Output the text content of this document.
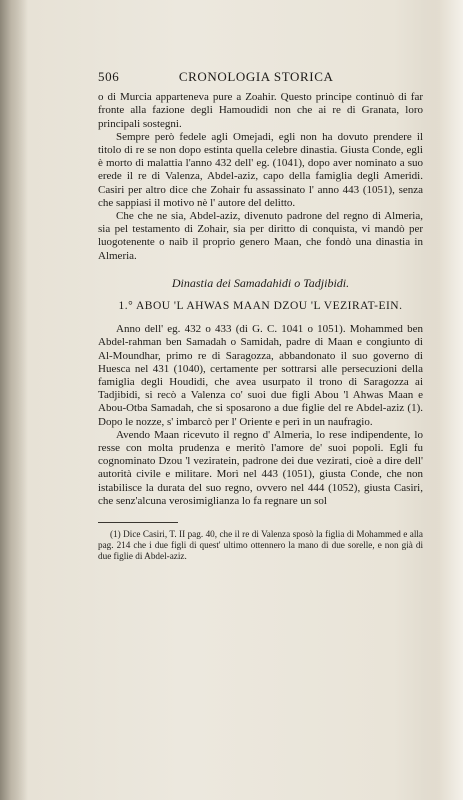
506	CRONOLOGIA STORICA

o di Murcia apparteneva pure a Zoahir. Questo principe continuò di far fronte alla fazione degli Hamoudidi non che ai re di Granata, loro principali sostegni.

Sempre però fedele agli Omejadi, egli non ha dovuto prendere il titolo di re se non dopo estinta quella celebre dinastia. Giusta Conde, egli è morto di malattia l'anno 432 dell' eg. (1041), dopo aver nominato a suo erede il re di Valenza, Abdel-aziz, capo della famiglia degli Ameridi. Casiri per altro dice che Zohair fu assassinato l' anno 443 (1051), senza che sappiasi il motivo nè l' autore del delitto.

Che che ne sia, Abdel-aziz, divenuto padrone del regno di Almeria, sia pel testamento di Zohair, sia per diritto di conquista, vi mandò per luogotenente o naib il proprio genero Maan, che fondò una dinastia in Almeria.

Dinastia dei Samadahidi o Tadjibidi.
1.° ABOU 'L AHWAS MAAN DZOU 'L VEZIRAT-EIN.

Anno dell' eg. 432 o 433 (di G. C. 1041 o 1051). Mohammed ben Abdel-rahman ben Samadah o Samidah, padre di Maan e congiunto di Al-Moundhar, primo re di Saragozza, abbandonato il suo governo di Huesca nel 431 (1040), certamente per sottrarsi alle persecuzioni della famiglia degli Houdidi, che avea usurpato il trono di Saragozza ai Tadjibidi, si recò a Valenza co' suoi due figli Abou 'l Ahwas Maan e Abou-Otba Samadah, che si sposarono a due figlie del re Abdel-aziz (1). Dopo le nozze, s' imbarcò per l' Oriente e perì in un naufragio.

Avendo Maan ricevuto il regno d' Almeria, lo rese indipendente, lo resse con molta prudenza e meritò l'amore de' suoi popoli. Egli fu cognominato Dzou 'l veziratein, padrone dei due vezirati, cioè a dire dell' autorità civile e militare. Morì nel 443 (1051), giusta Conde, che non istabilisce la durata del suo regno, ovvero nel 444 (1052), giusta Casiri, che senz'alcuna verosimiglianza lo fa regnare un sol

(1) Dice Casiri, T. II pag. 40, che il re di Valenza sposò la figlia di Mohammed e alla pag. 214 che i due figli di quest' ultimo ottennero la mano di due sorelle, e non già di due figlie di Abdel-aziz.
